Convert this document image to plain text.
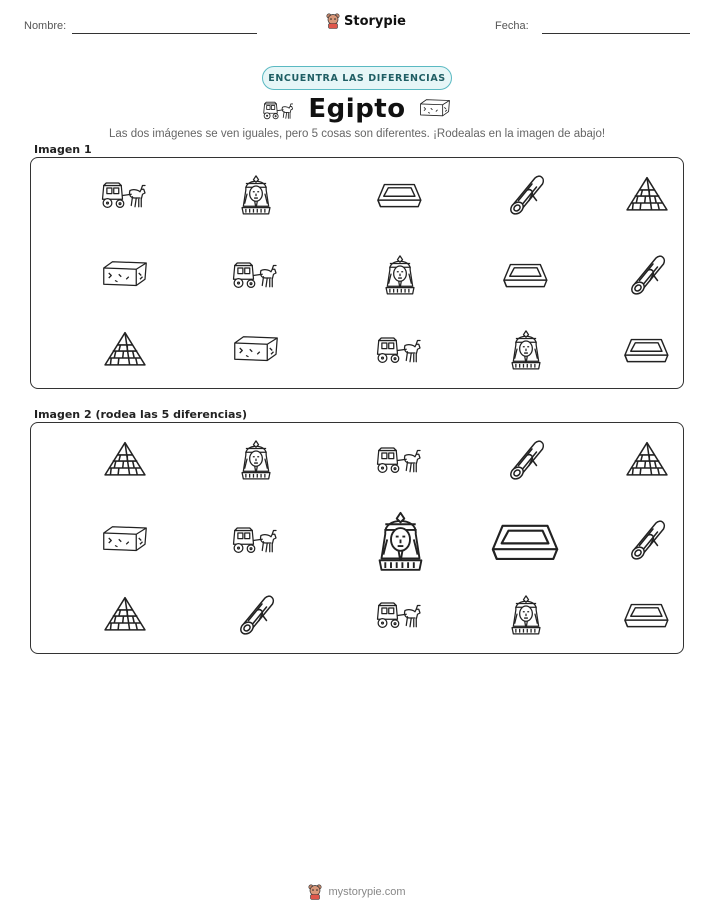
Nombre:	Storypie	Fecha:
ENCUENTRA LAS DIFERENCIAS
Egipto
Las dos imágenes se ven iguales, pero 5 cosas son diferentes. ¡Rodealas en la imagen de abajo!
Imagen 1
Imagen 2 (rodea las 5 diferencias)
mystorypie.com
